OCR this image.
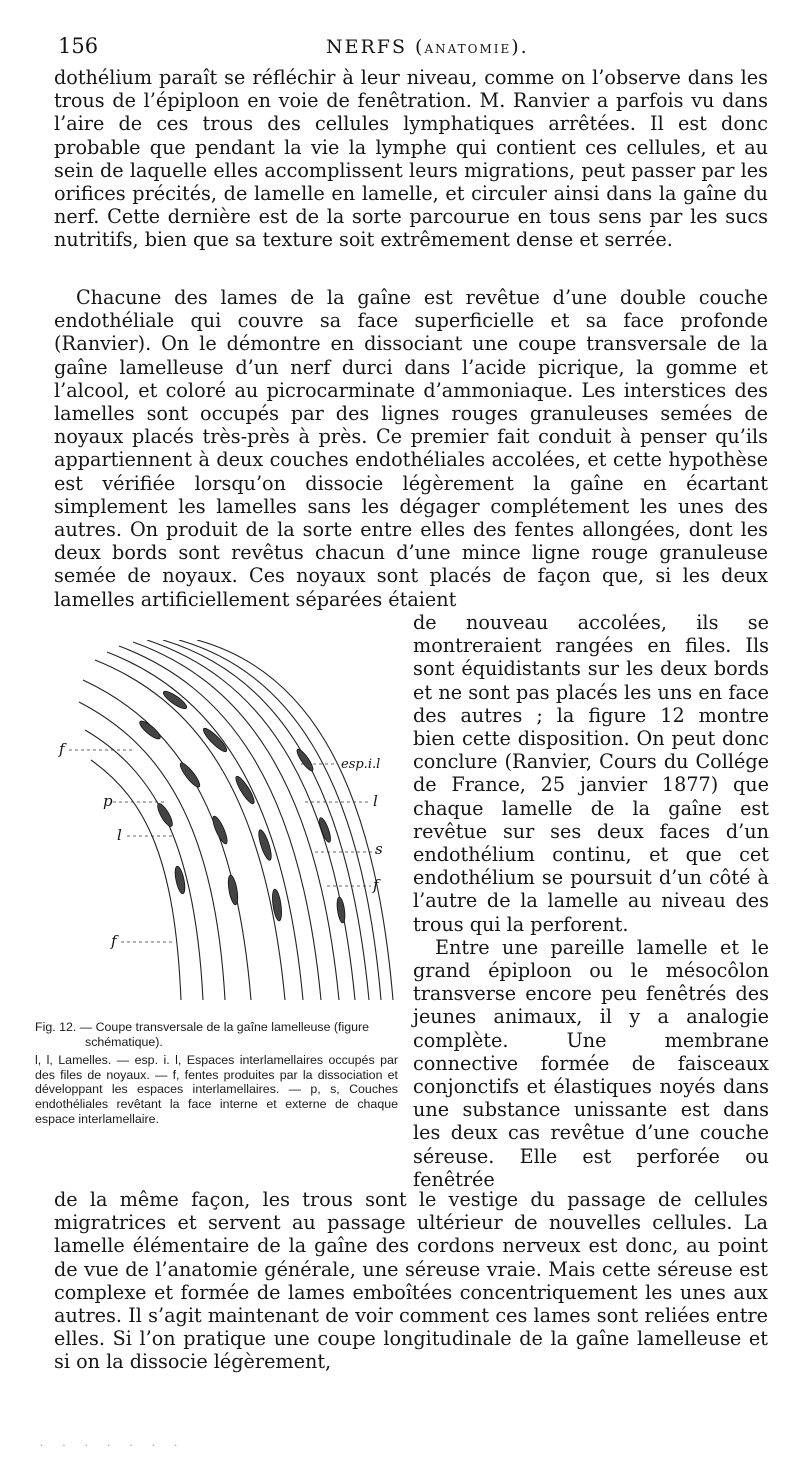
156	NERFS (ANATOMIE).

dothélium paraît se réfléchir à leur niveau, comme on l’observe dans les trous de l’épiploon en voie de fenêtration. M. Ranvier a parfois vu dans l’aire de ces trous des cellules lymphatiques arrêtées. Il est donc probable que pendant la vie la lymphe qui contient ces cellules, et au sein de laquelle elles accomplissent leurs migrations, peut passer par les orifices précités, de lamelle en lamelle, et circuler ainsi dans la gaîne du nerf. Cette dernière est de la sorte parcourue en tous sens par les sucs nutritifs, bien que sa texture soit extrêmement dense et serrée.

Chacune des lames de la gaîne est revêtue d’une double couche endothéliale qui couvre sa face superficielle et sa face profonde (Ranvier). On le démontre en dissociant une coupe transversale de la gaîne lamelleuse d’un nerf durci dans l’acide picrique, la gomme et l’alcool, et coloré au picrocarminate d’ammoniaque. Les interstices des lamelles sont occupés par des lignes rouges granuleuses semées de noyaux placés très-près à près. Ce premier fait conduit à penser qu’ils appartiennent à deux couches endothéliales accolées, et cette hypothèse est vérifiée lorsqu’on dissocie légèrement la gaîne en écartant simplement les lamelles sans les dégager complétement les unes des autres. On produit de la sorte entre elles des fentes allongées, dont les deux bords sont revêtus chacun d’une mince ligne rouge granuleuse semée de noyaux. Ces noyaux sont placés de façon que, si les deux lamelles artificiellement séparées étaient

de nouveau accolées, ils se montreraient rangées en files. Ils sont équidistants sur les deux bords et ne sont pas placés les uns en face des autres ; la figure 12 montre bien cette disposition. On peut donc conclure (Ranvier, Cours du Collége de France, 25 janvier 1877) que chaque lamelle de la gaîne est revêtue sur ses deux faces d’un endothélium continu, et que cet endothélium se poursuit d’un côté à l’autre de la lamelle au niveau des trous qui la perforent.

Entre une pareille lamelle et le grand épiploon ou le mésocôlon transverse encore peu fenêtrés des jeunes animaux, il y a analogie complète. Une membrane connective formée de faisceaux conjonctifs et élastiques noyés dans une substance unissante est dans les deux cas revêtue d’une couche séreuse. Elle est perforée ou fenêtrée

f
p
l
f
esp.i.l
l
s
f
Fig. 12. — Coupe transversale de la gaîne lamelleuse (figure schématique).
l, l, Lamelles. — esp. i. l, Espaces interlamellaires occupés par des files de noyaux. — f, fentes produites par la dissociation et développant les espaces interlamellaires. — p, s, Couches endothéliales revêtant la face interne et externe de chaque espace interlamellaire.

de la même façon, les trous sont le vestige du passage de cellules migratrices et servent au passage ultérieur de nouvelles cellules. La lamelle élémentaire de la gaîne des cordons nerveux est donc, au point de vue de l’anatomie générale, une séreuse vraie. Mais cette séreuse est complexe et formée de lames emboîtées concentriquement les unes aux autres. Il s’agit maintenant de voir comment ces lames sont reliées entre elles. Si l’on pratique une coupe longitudinale de la gaîne lamelleuse et si on la dissocie légèrement,

. . . . . . .
